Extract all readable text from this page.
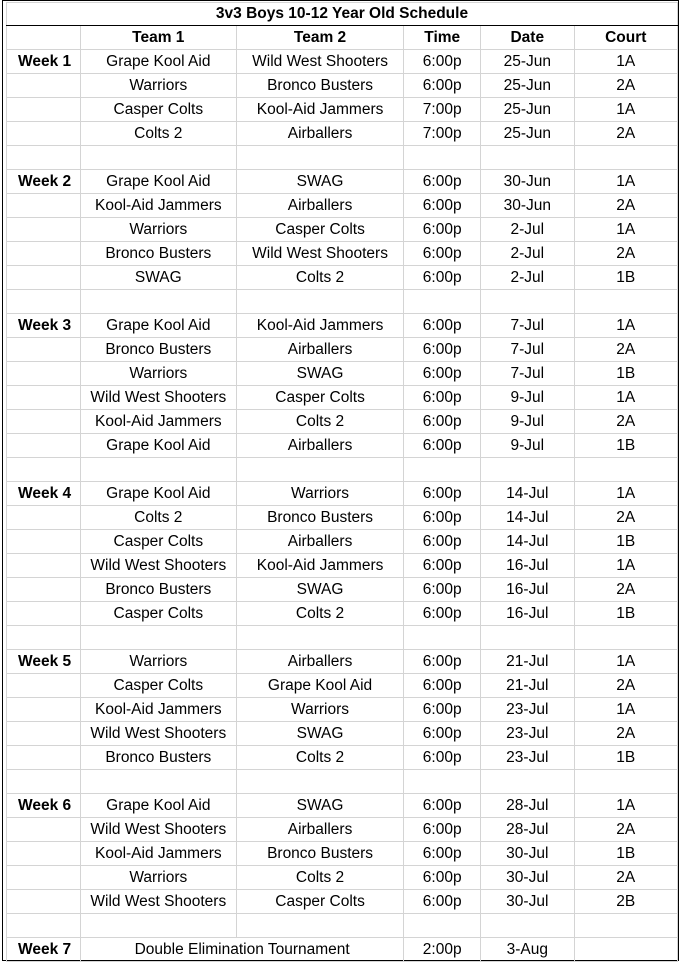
3v3 Boys 10-12 Year Old Schedule					
	Team 1	Team 2	Time	Date	Court
Week 1	Grape Kool Aid	Wild West Shooters	6:00p	25-Jun	1A
	Warriors	Bronco Busters	6:00p	25-Jun	2A
	Casper Colts	Kool-Aid Jammers	7:00p	25-Jun	1A
	Colts 2	Airballers	7:00p	25-Jun	2A

Week 2	Grape Kool Aid	SWAG	6:00p	30-Jun	1A
	Kool-Aid Jammers	Airballers	6:00p	30-Jun	2A
	Warriors	Casper Colts	6:00p	2-Jul	1A
	Bronco Busters	Wild West Shooters	6:00p	2-Jul	2A
	SWAG	Colts 2	6:00p	2-Jul	1B

Week 3	Grape Kool Aid	Kool-Aid Jammers	6:00p	7-Jul	1A
	Bronco Busters	Airballers	6:00p	7-Jul	2A
	Warriors	SWAG	6:00p	7-Jul	1B
	Wild West Shooters	Casper Colts	6:00p	9-Jul	1A
	Kool-Aid Jammers	Colts 2	6:00p	9-Jul	2A
	Grape Kool Aid	Airballers	6:00p	9-Jul	1B

Week 4	Grape Kool Aid	Warriors	6:00p	14-Jul	1A
	Colts 2	Bronco Busters	6:00p	14-Jul	2A
	Casper Colts	Airballers	6:00p	14-Jul	1B
	Wild West Shooters	Kool-Aid Jammers	6:00p	16-Jul	1A
	Bronco Busters	SWAG	6:00p	16-Jul	2A
	Casper Colts	Colts 2	6:00p	16-Jul	1B

Week 5	Warriors	Airballers	6:00p	21-Jul	1A
	Casper Colts	Grape Kool Aid	6:00p	21-Jul	2A
	Kool-Aid Jammers	Warriors	6:00p	23-Jul	1A
	Wild West Shooters	SWAG	6:00p	23-Jul	2A
	Bronco Busters	Colts 2	6:00p	23-Jul	1B

Week 6	Grape Kool Aid	SWAG	6:00p	28-Jul	1A
	Wild West Shooters	Airballers	6:00p	28-Jul	2A
	Kool-Aid Jammers	Bronco Busters	6:00p	30-Jul	1B
	Warriors	Colts 2	6:00p	30-Jul	2A
	Wild West Shooters	Casper Colts	6:00p	30-Jul	2B

Week 7	Double Elimination Tournament		2:00p	3-Aug	
